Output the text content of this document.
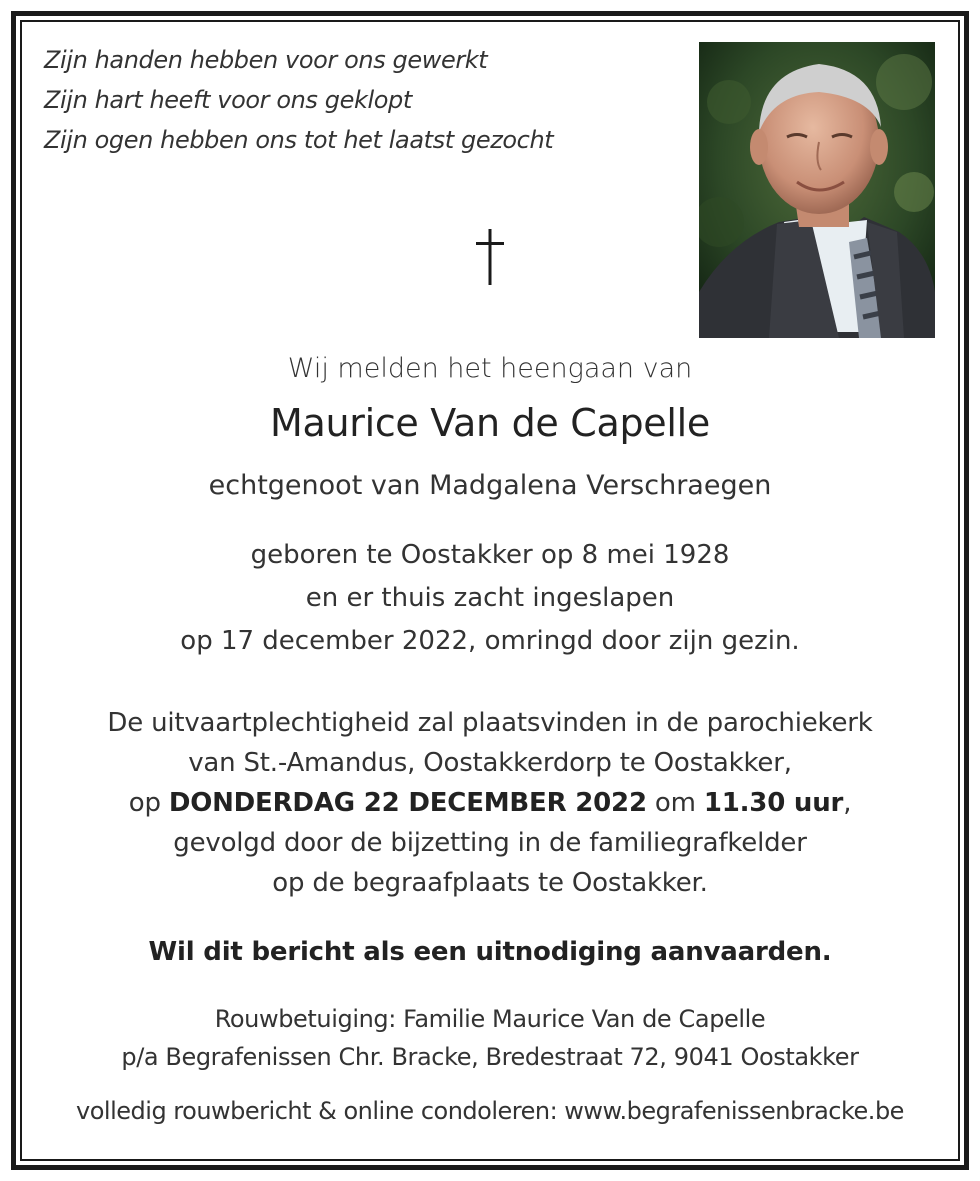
Zijn handen hebben voor ons gewerkt
Zijn hart heeft voor ons geklopt
Zijn ogen hebben ons tot het laatst gezocht
Wij melden het heengaan van
Maurice Van de Capelle
echtgenoot van Madgalena Verschraegen
geboren te Oostakker op 8 mei 1928
en er thuis zacht ingeslapen
op 17 december 2022, omringd door zijn gezin.
De uitvaartplechtigheid zal plaatsvinden in de parochiekerk
van St.-Amandus, Oostakkerdorp te Oostakker,
op DONDERDAG 22 DECEMBER 2022 om 11.30 uur,
gevolgd door de bijzetting in de familiegrafkelder
op de begraafplaats te Oostakker.
Wil dit bericht als een uitnodiging aanvaarden.
Rouwbetuiging: Familie Maurice Van de Capelle
p/a Begrafenissen Chr. Bracke, Bredestraat 72, 9041 Oostakker
volledig rouwbericht & online condoleren: www.begrafenissenbracke.be
